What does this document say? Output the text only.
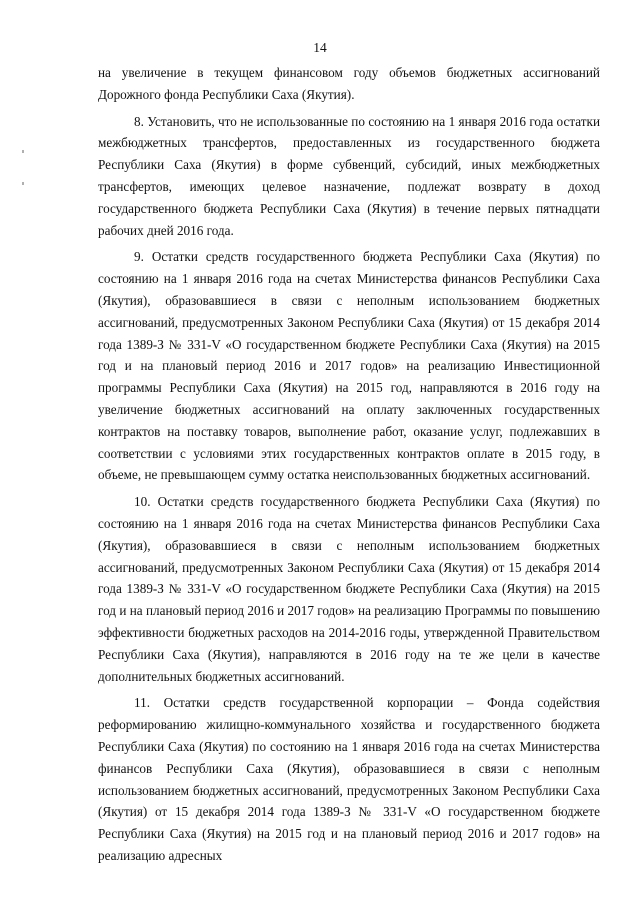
14

на увеличение в текущем финансовом году объемов бюджетных ассигнований Дорожного фонда Республики Саха (Якутия).

8. Установить, что не использованные по состоянию на 1 января 2016 года остатки межбюджетных трансфертов, предоставленных из государственного бюджета Республики Саха (Якутия) в форме субвенций, субсидий, иных межбюджетных трансфертов, имеющих целевое назначение, подлежат возврату в доход государственного бюджета Республики Саха (Якутия) в течение первых пятнадцати рабочих дней 2016 года.

9. Остатки средств государственного бюджета Республики Саха (Якутия) по состоянию на 1 января 2016 года на счетах Министерства финансов Республики Саха (Якутия), образовавшиеся в связи с неполным использованием бюджетных ассигнований, предусмотренных Законом Республики Саха (Якутия) от 15 декабря 2014 года 1389-З № 331-V «О государственном бюджете Республики Саха (Якутия) на 2015 год и на плановый период 2016 и 2017 годов» на реализацию Инвестиционной программы Республики Саха (Якутия) на 2015 год, направляются в 2016 году на увеличение бюджетных ассигнований на оплату заключенных государственных контрактов на поставку товаров, выполнение работ, оказание услуг, подлежавших в соответствии с условиями этих государственных контрактов оплате в 2015 году, в объеме, не превышающем сумму остатка неиспользованных бюджетных ассигнований.

10. Остатки средств государственного бюджета Республики Саха (Якутия) по состоянию на 1 января 2016 года на счетах Министерства финансов Республики Саха (Якутия), образовавшиеся в связи с неполным использованием бюджетных ассигнований, предусмотренных Законом Республики Саха (Якутия) от 15 декабря 2014 года 1389-З № 331-V «О государственном бюджете Республики Саха (Якутия) на 2015 год и на плановый период 2016 и 2017 годов» на реализацию Программы по повышению эффективности бюджетных расходов на 2014-2016 годы, утвержденной Правительством Республики Саха (Якутия), направляются в 2016 году на те же цели в качестве дополнительных бюджетных ассигнований.

11. Остатки средств государственной корпорации – Фонда содействия реформированию жилищно-коммунального хозяйства и государственного бюджета Республики Саха (Якутия) по состоянию на 1 января 2016 года на счетах Министерства финансов Республики Саха (Якутия), образовавшиеся в связи с неполным использованием бюджетных ассигнований, предусмотренных Законом Республики Саха (Якутия) от 15 декабря 2014 года 1389-З № 331-V «О государственном бюджете Республики Саха (Якутия) на 2015 год и на плановый период 2016 и 2017 годов» на реализацию адресных
